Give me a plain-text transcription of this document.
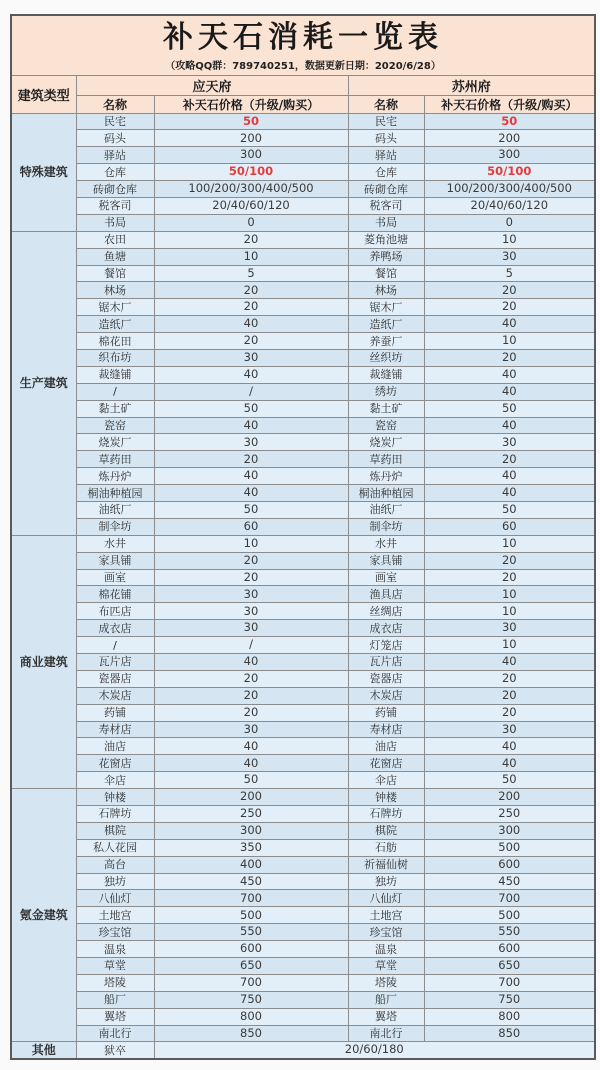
补天石消耗一览表
（攻略QQ群：789740251，数据更新日期：2020/6/28）				

建筑类型	应天府		苏州府	
	名称	补天石价格（升级/购买）	名称	补天石价格（升级/购买）
特殊建筑	民宅	50	民宅	50
	码头	200	码头	200
	驿站	300	驿站	300
	仓库	50/100	仓库	50/100
	砖砌仓库	100/200/300/400/500	砖砌仓库	100/200/300/400/500
	税客司	20/40/60/120	税客司	20/40/60/120
	书局	0	书局	0
生产建筑	农田	20	菱角池塘	10
	鱼塘	10	养鸭场	30
	餐馆	5	餐馆	5
	林场	20	林场	20
	锯木厂	20	锯木厂	20
	造纸厂	40	造纸厂	40
	棉花田	20	养蚕厂	10
	织布坊	30	丝织坊	20
	裁缝铺	40	裁缝铺	40
	/	/	绣坊	40
	黏土矿	50	黏土矿	50
	瓷窑	40	瓷窑	40
	烧炭厂	30	烧炭厂	30
	草药田	20	草药田	20
	炼丹炉	40	炼丹炉	40
	桐油种植园	40	桐油种植园	40
	油纸厂	50	油纸厂	50
	制伞坊	60	制伞坊	60
商业建筑	水井	10	水井	10
	家具铺	20	家具铺	20
	画室	20	画室	20
	棉花铺	30	渔具店	10
	布匹店	30	丝绸店	10
	成衣店	30	成衣店	30
	/	/	灯笼店	10
	瓦片店	40	瓦片店	40
	瓷器店	20	瓷器店	20
	木炭店	20	木炭店	20
	药铺	20	药铺	20
	寿材店	30	寿材店	30
	油店	40	油店	40
	花窗店	40	花窗店	40
	伞店	50	伞店	50
氪金建筑	钟楼	200	钟楼	200
	石牌坊	250	石牌坊	250
	棋院	300	棋院	300
	私人花园	350	石舫	500
	高台	400	祈福仙树	600
	独坊	450	独坊	450
	八仙灯	700	八仙灯	700
	土地宫	500	土地宫	500
	珍宝馆	550	珍宝馆	550
	温泉	600	温泉	600
	草堂	650	草堂	650
	塔陵	700	塔陵	700
	船厂	750	船厂	750
	翼塔	800	翼塔	800
	南北行	850	南北行	850
其他	狱卒	20/60/180		
